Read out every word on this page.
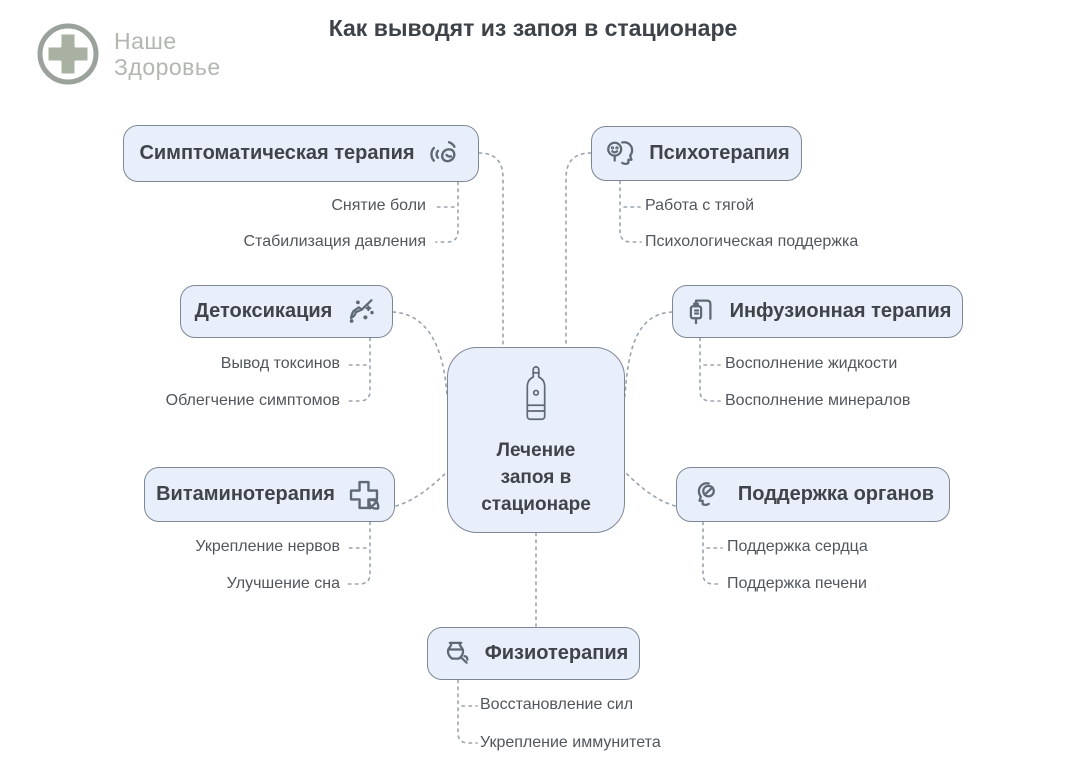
Наше
Здоровье
Как выводят из запоя в стационаре
Лечение запоя в стационаре
Симптоматическая терапия	Психотерапия
Детоксикация	Инфузионная терапия
Витаминотерапия	Поддержка органов
Физиотерапия
Снятие боли
Стабилизация давления
Работа с тягой
Психологическая поддержка
Вывод токсинов
Облегчение симптомов
Восполнение жидкости
Восполнение минералов
Укрепление нервов
Улучшение сна
Поддержка сердца
Поддержка печени
Восстановление сил
Укрепление иммунитета
